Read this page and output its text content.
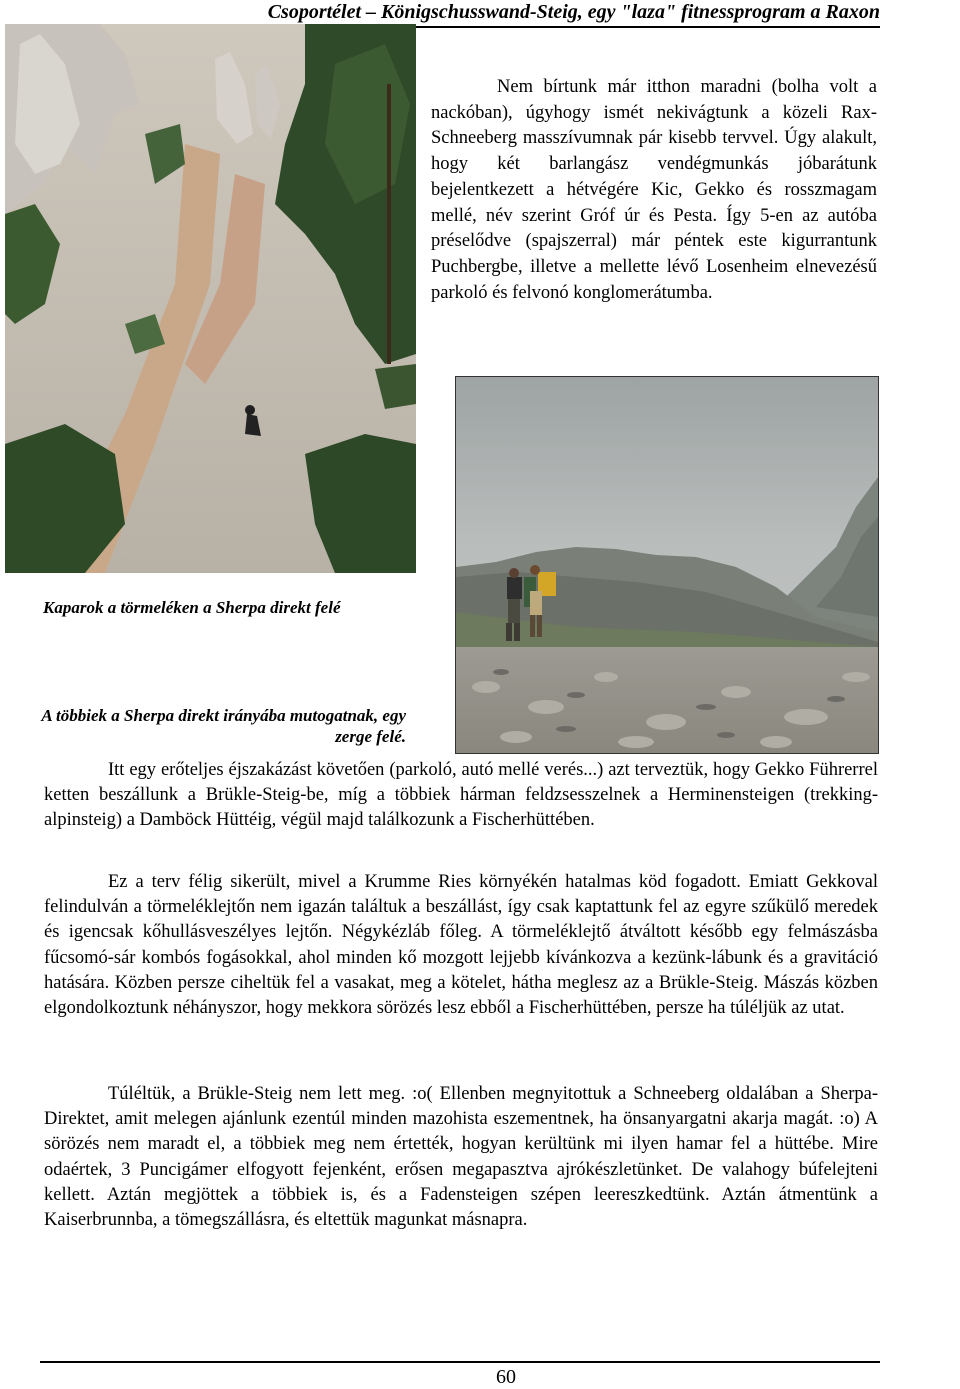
Csoportélet – Königschusswand-Steig, egy "laza" fitnessprogram a Raxon

Nem bírtunk már itthon maradni (bolha volt a nackóban), úgyhogy ismét nekivágtunk a közeli Rax-Schneeberg masszívumnak pár kisebb tervvel. Úgy alakult, hogy két barlangász vendégmunkás jóbarátunk bejelentkezett a hétvégére Kic, Gekko és rosszmagam mellé, név szerint Gróf úr és Pesta. Így 5-en az autóba préselődve (spajszerral) már péntek este kigurrantunk Puchbergbe, illetve a mellette lévő Losenheim elnevezésű parkoló és felvonó konglomerátumba.

Kaparok a törmeléken a Sherpa direkt felé

A többiek a Sherpa direkt irányába mutogatnak, egy zerge felé.

Itt egy erőteljes éjszakázást követően (parkoló, autó mellé verés...) azt terveztük, hogy Gekko Führerrel ketten beszállunk a Brükle-Steig-be, míg a többiek hárman feldzsesszelnek a Herminensteigen (trekking-alpinsteig) a Damböck Hüttéig, végül majd találkozunk a Fischerhüttében.

Ez a terv félig sikerült, mivel a Krumme Ries környékén hatalmas köd fogadott. Emiatt Gekkoval felindulván a törmeléklejtőn nem igazán találtuk a beszállást, így csak kaptattunk fel az egyre szűkülő meredek és igencsak kőhullásveszélyes lejtőn. Négykézláb főleg. A törmeléklejtő átváltott később egy felmászásba fűcsomó-sár kombós fogásokkal, ahol minden kő mozgott lejjebb kívánkozva a kezünk-lábunk és a gravitáció hatására. Közben persze ciheltük fel a vasakat, meg a kötelet, hátha meglesz az a Brükle-Steig. Mászás közben elgondolkoztunk néhányszor, hogy mekkora sörözés lesz ebből a Fischerhüttében, persze ha túléljük az utat.

Túléltük, a Brükle-Steig nem lett meg. :o( Ellenben megnyitottuk a Schneeberg oldalában a Sherpa-Direktet, amit melegen ajánlunk ezentúl minden mazohista eszementnek, ha önsanyargatni akarja magát. :o) A sörözés nem maradt el, a többiek meg nem értették, hogyan kerültünk mi ilyen hamar fel a hüttébe. Mire odaértek, 3 Puncigámer elfogyott fejenként, erősen megapasztva ajrókészletünket. De valahogy búfelejteni kellett. Aztán megjöttek a többiek is, és a Fadensteigen szépen leereszkedtünk. Aztán átmentünk a Kaiserbrunnba, a tömegszállásra, és eltettük magunkat másnapra.

60
